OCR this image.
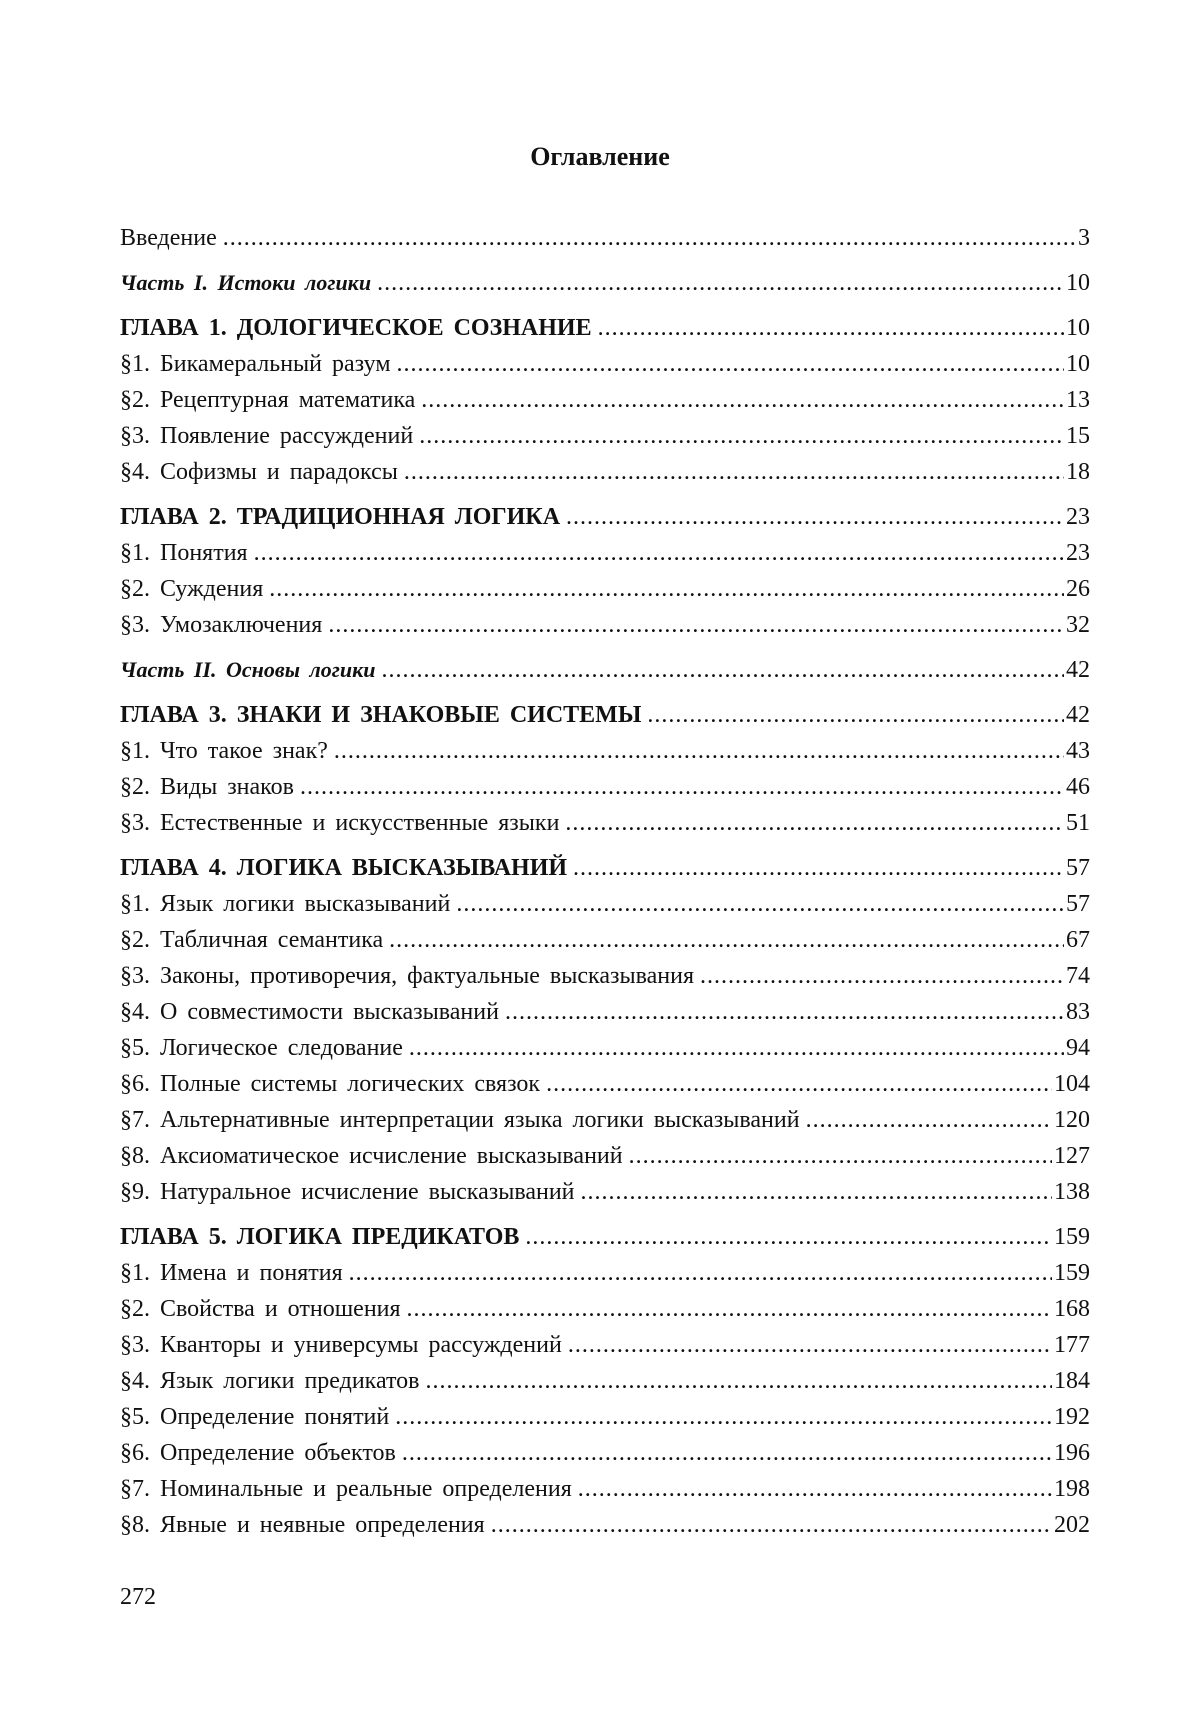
Оглавление
Введение .....	3
Часть I. Истоки логики .....	10
ГЛАВА 1. ДОЛОГИЧЕСКОЕ СОЗНАНИЕ .....	10
§1. Бикамеральный разум .....	10
§2. Рецептурная математика .....	13
§3. Появление рассуждений .....	15
§4. Софизмы и парадоксы .....	18
ГЛАВА 2. ТРАДИЦИОННАЯ ЛОГИКА .....	23
§1. Понятия .....	23
§2. Суждения .....	26
§3. Умозаключения .....	32
Часть II. Основы логики .....	42
ГЛАВА 3. ЗНАКИ И ЗНАКОВЫЕ СИСТЕМЫ .....	42
§1. Что такое знак? .....	43
§2. Виды знаков .....	46
§3. Естественные и искусственные языки .....	51
ГЛАВА 4. ЛОГИКА ВЫСКАЗЫВАНИЙ .....	57
§1. Язык логики высказываний .....	57
§2. Табличная семантика .....	67
§3. Законы, противоречия, фактуальные высказывания .....	74
§4. О совместимости высказываний .....	83
§5. Логическое следование .....	94
§6. Полные системы логических связок .....	104
§7. Альтернативные интерпретации языка логики высказываний .....	120
§8. Аксиоматическое исчисление высказываний .....	127
§9. Натуральное исчисление высказываний .....	138
ГЛАВА 5. ЛОГИКА ПРЕДИКАТОВ .....	159
§1. Имена и понятия .....	159
§2. Свойства и отношения .....	168
§3. Кванторы и универсумы рассуждений .....	177
§4. Язык логики предикатов .....	184
§5. Определение понятий .....	192
§6. Определение объектов .....	196
§7. Номинальные и реальные определения .....	198
§8. Явные и неявные определения .....	202
272
